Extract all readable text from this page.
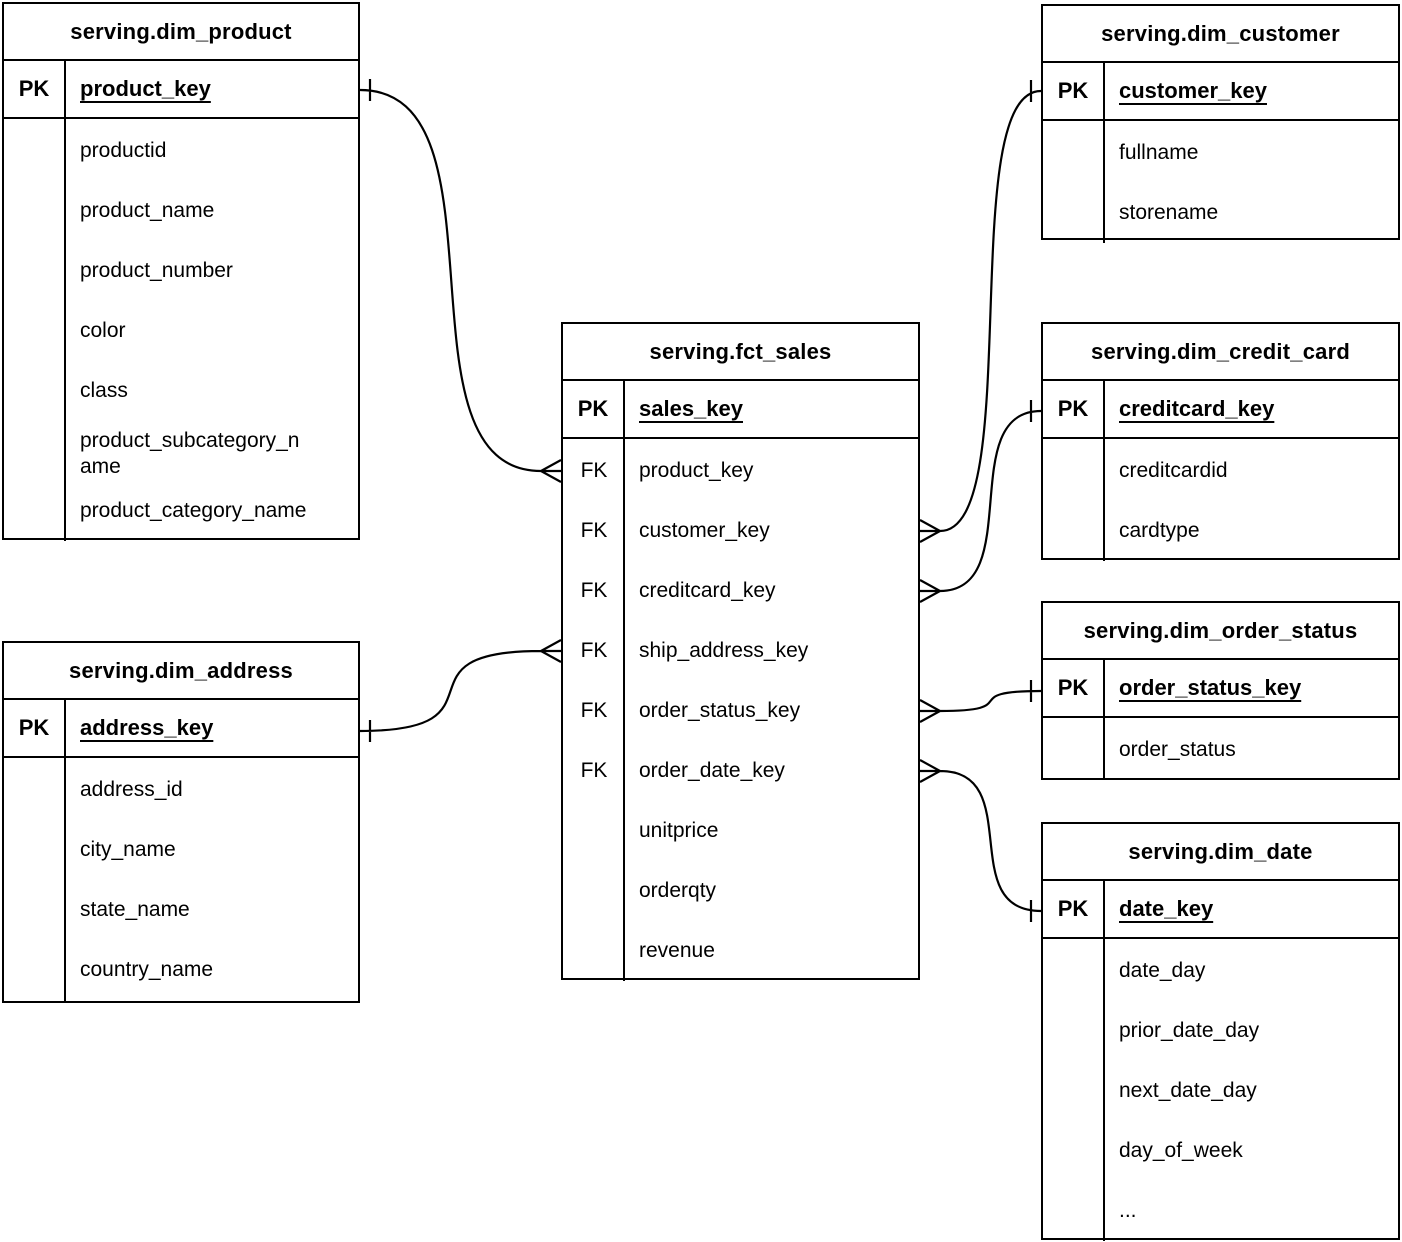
serving.dim_product
PK	product_key
productid
product_name
product_number
color
class
product_subcategory_name
product_category_name
serving.dim_address
PK	address_key
address_id
city_name
state_name
country_name
serving.fct_sales
PK	sales_key
FK	product_key
FK	customer_key
FK	creditcard_key
FK	ship_address_key
FK	order_status_key
FK	order_date_key
unitprice
orderqty
revenue
serving.dim_customer
PK	customer_key
fullname
storename
serving.dim_credit_card
PK	creditcard_key
creditcardid
cardtype
serving.dim_order_status
PK	order_status_key
order_status
serving.dim_date
PK	date_key
date_day
prior_date_day
next_date_day
day_of_week
...
